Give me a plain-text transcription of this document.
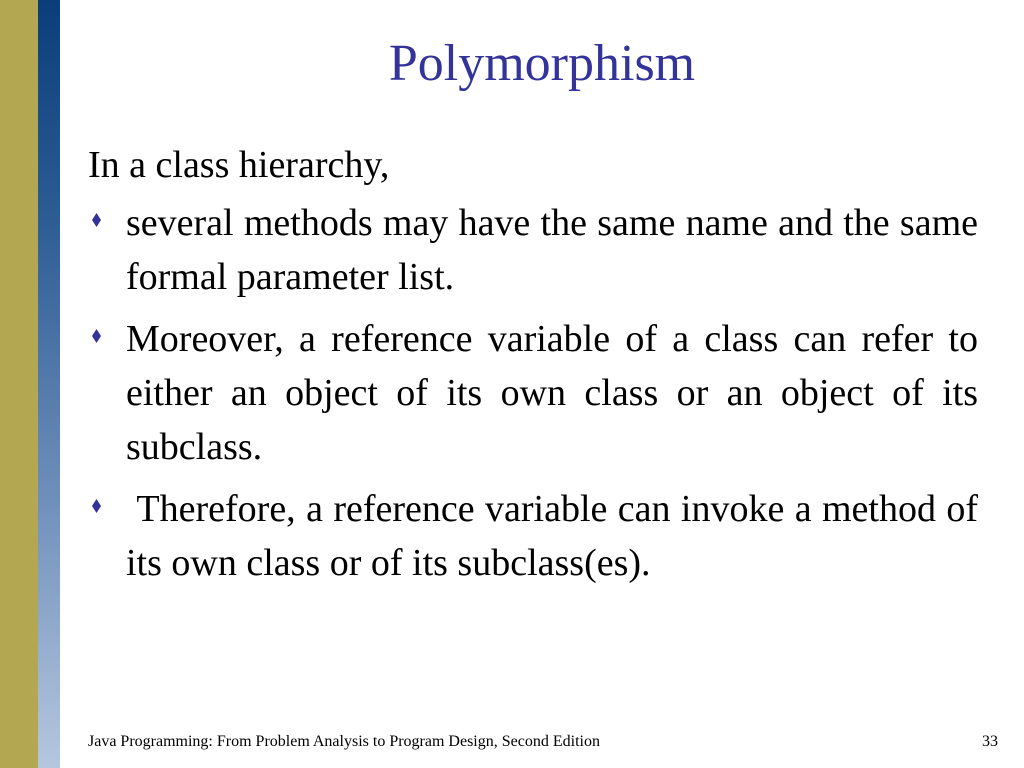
Polymorphism

In a class hierarchy,

several methods may have the same name and the same formal parameter list.
Moreover, a reference variable of a class can refer to either an object of its own class or an object of its subclass.
Therefore, a reference variable can invoke a method of its own class or of its subclass(es).
Java Programming: From Problem Analysis to Program Design, Second Edition	33
